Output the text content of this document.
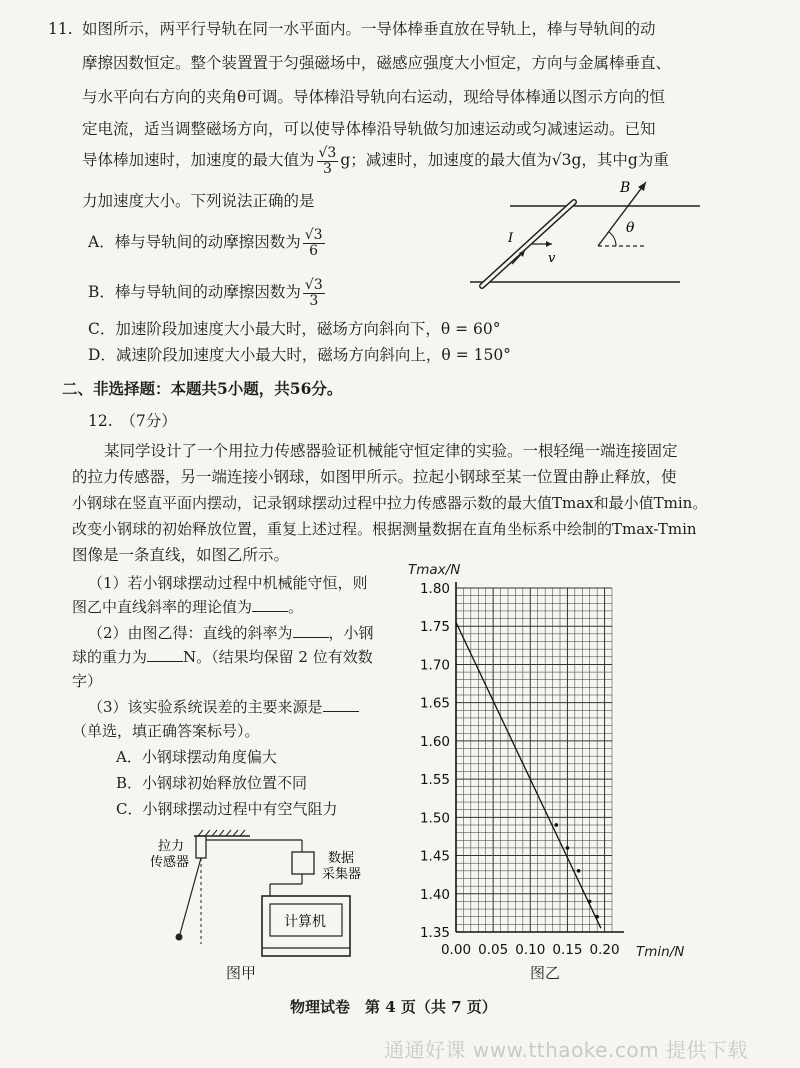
11. 如图所示，两平行导轨在同一水平面内。一导体棒垂直放在导轨上，棒与导轨间的动
摩擦因数恒定。整个装置置于匀强磁场中，磁感应强度大小恒定，方向与金属棒垂直、
与水平向右方向的夹角θ可调。导体棒沿导轨向右运动，现给导体棒通以图示方向的恒
定电流，适当调整磁场方向，可以使导体棒沿导轨做匀加速运动或匀减速运动。已知
导体棒加速时，加速度的最大值为 $\frac{√3}{3}$ g；减速时，加速度的最大值为√3g，其中g为重
力加速度大小。下列说法正确的是
A．棒与导轨间的动摩擦因数为 $\frac{√3}{6}$
B．棒与导轨间的动摩擦因数为 $\frac{√3}{3}$
C．加速阶段加速度大小最大时，磁场方向斜向下，θ = 60°
D．减速阶段加速度大小最大时，磁场方向斜向上，θ = 150°
B
I
v
θ
二、非选择题：本题共5小题，共56分。
12.　（7分）
某同学设计了一个用拉力传感器验证机械能守恒定律的实验。一根轻绳一端连接固定
的拉力传感器，另一端连接小钢球，如图甲所示。拉起小钢球至某一位置由静止释放，使
小钢球在竖直平面内摆动，记录钢球摆动过程中拉力传感器示数的最大值Tmax和最小值Tmin。
改变小钢球的初始释放位置，重复上述过程。根据测量数据在直角坐标系中绘制的Tmax-Tmin
图像是一条直线，如图乙所示。
（1）若小钢球摆动过程中机械能守恒，则
图乙中直线斜率的理论值为 。
（2）由图乙得：直线的斜率为 ，小钢
球的重力为 N。（结果均保留 2 位有效数
字）
（3）该实验系统误差的主要来源是
（单选，填正确答案标号）。
A．小钢球摆动角度偏大
B．小钢球初始释放位置不同
C．小钢球摆动过程中有空气阻力
拉力
传感器	数据
采集器
计算机
图甲
Tmax/N
Tmin/N
1.35
1.40
1.45
1.50
1.55
1.60
1.65
1.70
1.75
1.80
0.00 0.05 0.10 0.15 0.20
图乙
物理试卷　第 4 页（共 7 页）
通通好课 www.tthaoke.com 提供下载
